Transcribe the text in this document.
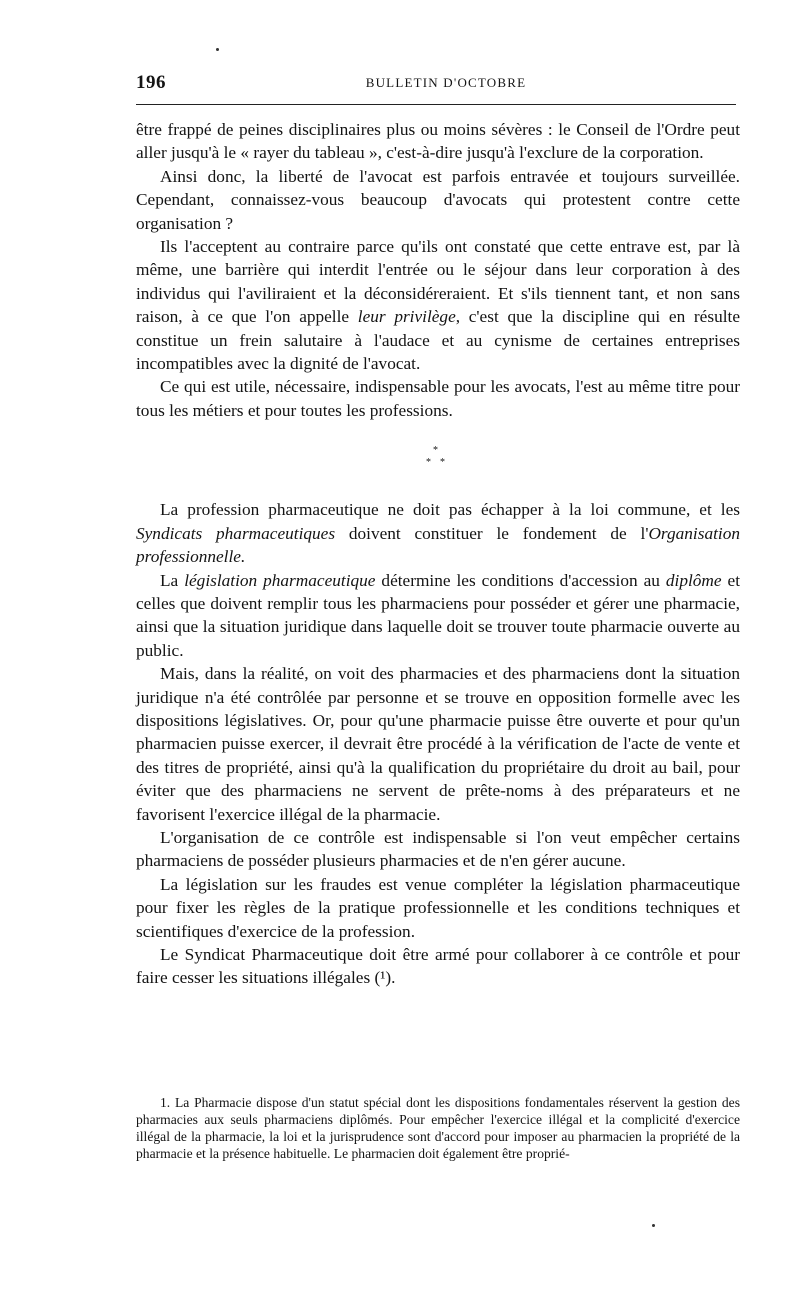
196	BULLETIN D'OCTOBRE

être frappé de peines disciplinaires plus ou moins sévères : le Conseil de l'Ordre peut aller jusqu'à le « rayer du tableau », c'est-à-dire jusqu'à l'exclure de la corporation.

Ainsi donc, la liberté de l'avocat est parfois entravée et toujours surveillée. Cependant, connaissez-vous beaucoup d'avocats qui protestent contre cette organisation ?

Ils l'acceptent au contraire parce qu'ils ont constaté que cette entrave est, par là même, une barrière qui interdit l'entrée ou le séjour dans leur corporation à des individus qui l'aviliraient et la déconsidéreraient. Et s'ils tiennent tant, et non sans raison, à ce que l'on appelle leur privilège, c'est que la discipline qui en résulte constitue un frein salutaire à l'audace et au cynisme de certaines entreprises incompatibles avec la dignité de l'avocat.

Ce qui est utile, nécessaire, indispensable pour les avocats, l'est au même titre pour tous les métiers et pour toutes les professions.

*
* *

La profession pharmaceutique ne doit pas échapper à la loi commune, et les Syndicats pharmaceutiques doivent constituer le fondement de l'Organisation professionnelle.

La législation pharmaceutique détermine les conditions d'accession au diplôme et celles que doivent remplir tous les pharmaciens pour posséder et gérer une pharmacie, ainsi que la situation juridique dans laquelle doit se trouver toute pharmacie ouverte au public.

Mais, dans la réalité, on voit des pharmacies et des pharmaciens dont la situation juridique n'a été contrôlée par personne et se trouve en opposition formelle avec les dispositions législatives. Or, pour qu'une pharmacie puisse être ouverte et pour qu'un pharmacien puisse exercer, il devrait être procédé à la vérification de l'acte de vente et des titres de propriété, ainsi qu'à la qualification du propriétaire du droit au bail, pour éviter que des pharmaciens ne servent de prête-noms à des préparateurs et ne favorisent l'exercice illégal de la pharmacie.

L'organisation de ce contrôle est indispensable si l'on veut empêcher certains pharmaciens de posséder plusieurs pharmacies et de n'en gérer aucune.

La législation sur les fraudes est venue compléter la législation pharmaceutique pour fixer les règles de la pratique professionnelle et les conditions techniques et scientifiques d'exercice de la profession.

Le Syndicat Pharmaceutique doit être armé pour collaborer à ce contrôle et pour faire cesser les situations illégales (¹).

1. La Pharmacie dispose d'un statut spécial dont les dispositions fondamentales réservent la gestion des pharmacies aux seuls pharmaciens diplômés. Pour empêcher l'exercice illégal et la complicité d'exercice illégal de la pharmacie, la loi et la jurisprudence sont d'accord pour imposer au pharmacien la propriété de la pharmacie et la présence habituelle. Le pharmacien doit également être proprié-
